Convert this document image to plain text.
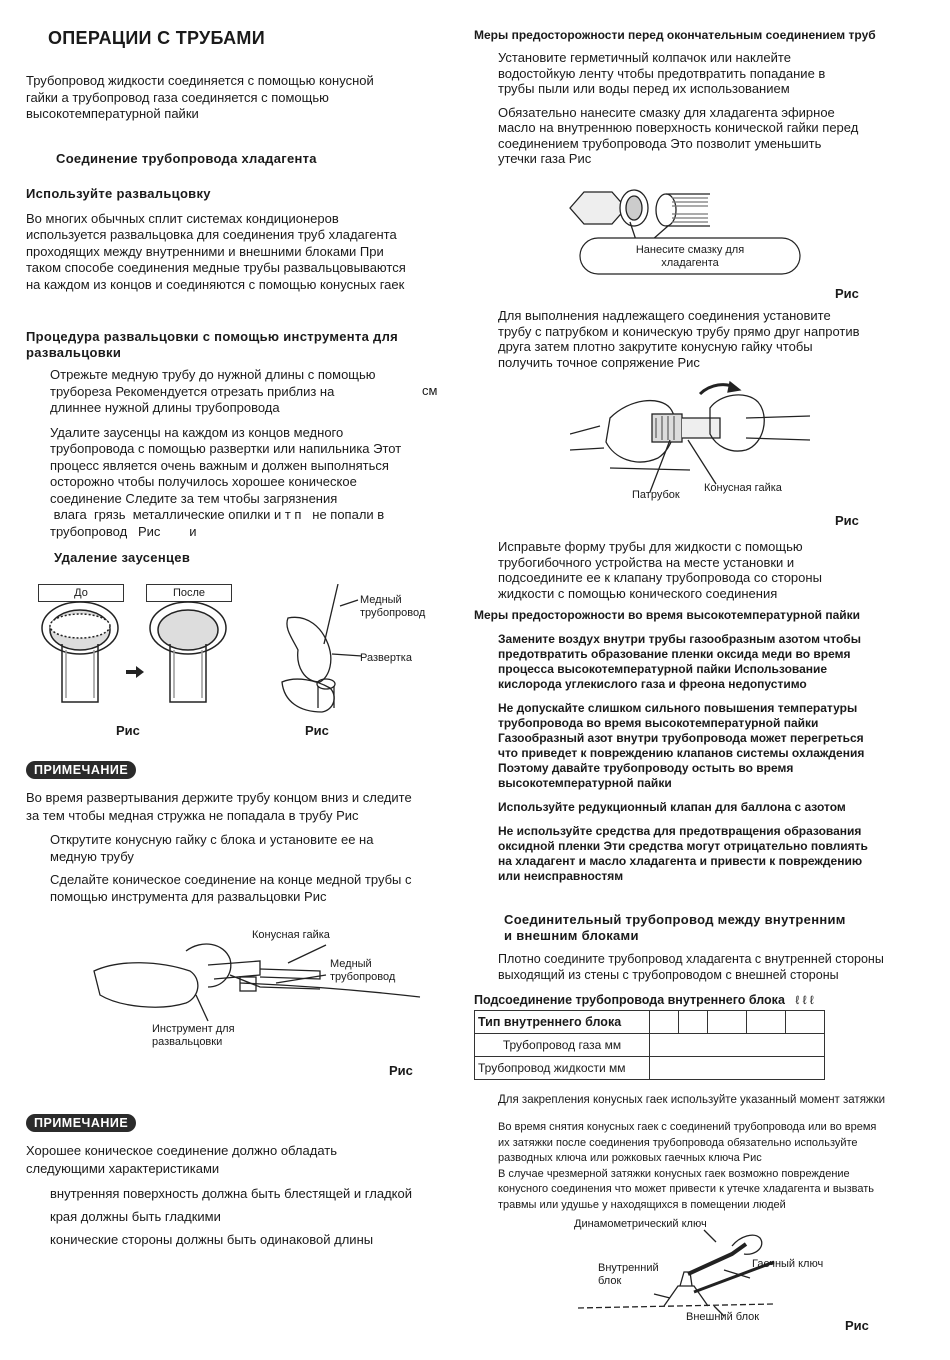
ОПЕРАЦИИ С ТРУБАМИ

Трубопровод жидкости соединяется с помощью конусной

гайки а трубопровод газа соединяется с помощью

высокотемпературной пайки

Соединение трубопровода хладагента

Используйте развальцовку

Во многих обычных сплит системах кондиционеров

используется развальцовка для соединения труб хладагента

проходящих между внутренними и внешними блоками При

таком способе соединения медные трубы развальцовываются

на каждом из концов и соединяются с помощью конусных гаек

Процедура развальцовки с помощью инструмента для

развальцовки

Отрежьте медную трубу до нужной длины с помощью

трубореза Рекомендуется отрезать приблиз на	см

длиннее нужной длины трубопровода

Удалите заусенцы на каждом из концов медного

трубопровода с помощью развертки или напильника Этот

процесс является очень важным и должен выполняться

осторожно чтобы получилось хорошее коническое

соединение Следите за тем чтобы загрязнения

влага  грязь  металлические опилки и т п   не попали в

трубопровод   Рис        и

Удаление заусенцев

До	После
Медный
трубопровод
Развертка
Рис	Рис
ПРИМЕЧАНИЕ

Во время развертывания держите трубу концом вниз и следите

за тем чтобы медная стружка не попадала в трубу Рис

Открутите конусную гайку с блока и установите ее на

медную трубу

Сделайте коническое соединение на конце медной трубы с

помощью инструмента для развальцовки Рис

Конусная гайка
Медный
трубопровод
Инструмент для
развальцовки
Рис
ПРИМЕЧАНИЕ

Хорошее коническое соединение должно обладать

следующими характеристиками

внутренняя поверхность должна быть блестящей и гладкой

края должны быть гладкими

конические стороны должны быть одинаковой длины

Меры предосторожности перед окончательным соединением труб

Установите герметичный колпачок или наклейте

водостойкую ленту чтобы предотвратить попадание в

трубы пыли или воды перед их использованием

Обязательно нанесите смазку для хладагента эфирное

масло на внутреннюю поверхность конической гайки перед

соединением трубопровода Это позволит уменьшить

утечки газа Рис

Нанесите смазку для
хладагента
Рис

Для выполнения надлежащего соединения установите

трубу с патрубком и коническую трубу прямо друг напротив

друга затем плотно закрутите конусную гайку чтобы

получить точное сопряжение Рис

Патрубок
Конусная гайка
Рис

Исправьте форму трубы для жидкости с помощью

трубогибочного устройства на месте установки и

подсоедините ее к клапану трубопровода со стороны

жидкости с помощью конического соединения

Меры предосторожности во время высокотемпературной пайки

Замените воздух внутри трубы газообразным азотом чтобы

предотвратить образование пленки оксида меди во время

процесса высокотемпературной пайки Использование

кислорода углекислого газа и фреона недопустимо

Не допускайте слишком сильного повышения температуры

трубопровода во время высокотемпературной пайки

Газообразный азот внутри трубопровода может перегреться

что приведет к повреждению клапанов системы охлаждения

Поэтому давайте трубопроводу остыть во время

высокотемпературной пайки

Используйте редукционный клапан для баллона с азотом

Не используйте средства для предотвращения образования

оксидной пленки Эти средства могут отрицательно повлиять

на хладагент и масло хладагента и привести к повреждению

или неисправностям

Соединительный трубопровод между внутренним

и внешним блоками

Плотно соедините трубопровод хладагента с внутренней стороны

выходящий из стены с трубопроводом с внешней стороны

Подсоединение трубопровода внутреннего блока ℓ ℓ ℓ
Тип внутреннего блока					
Трубопровод газа мм					
Трубопровод жидкости мм					

Для закрепления конусных гаек используйте указанный момент затяжки

Во время снятия конусных гаек с соединений трубопровода или во время
их затяжки после соединения трубопровода обязательно используйте
разводных ключа или рожковых гаечных ключа Рис
В случае чрезмерной затяжки конусных гаек возможно повреждение
конусного соединения что может привести к утечке хладагента и вызвать
травмы или удушье у находящихся в помещении людей
Динамометрический ключ
Внутренний
блок
Гаечный ключ
Внешний блок
Рис
